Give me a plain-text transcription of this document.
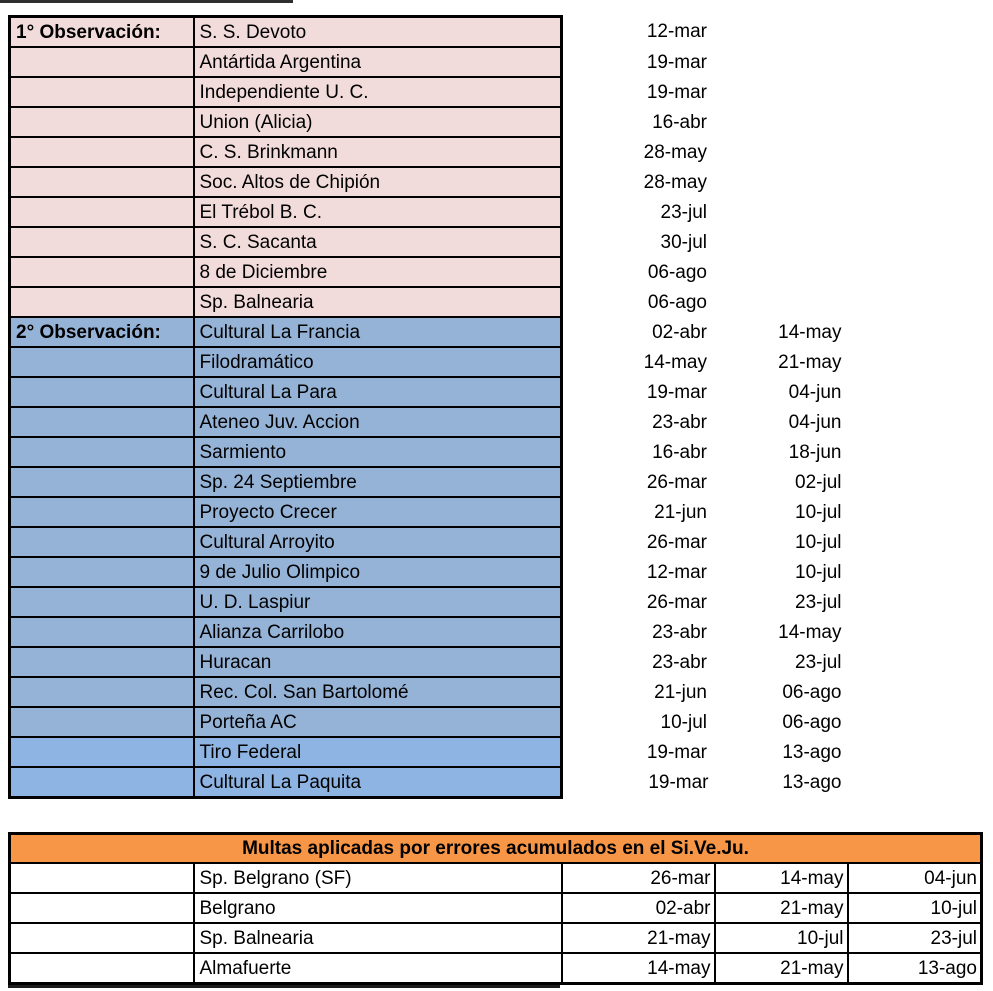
1° Observación:	S. S. Devoto	12-mar	
	Antártida Argentina	19-mar	
	Independiente U. C.	19-mar	
	Union (Alicia)	16-abr	
	C. S. Brinkmann	28-may	
	Soc. Altos de Chipión	28-may	
	El Trébol B. C.	23-jul	
	S. C. Sacanta	30-jul	
	8 de Diciembre	06-ago	
	Sp. Balnearia	06-ago	
2° Observación:	Cultural La Francia	02-abr	14-may
	Filodramático	14-may	21-may
	Cultural La Para	19-mar	04-jun
	Ateneo Juv. Accion	23-abr	04-jun
	Sarmiento	16-abr	18-jun
	Sp. 24 Septiembre	26-mar	02-jul
	Proyecto Crecer	21-jun	10-jul
	Cultural Arroyito	26-mar	10-jul
	9 de Julio Olimpico	12-mar	10-jul
	U. D. Laspiur	26-mar	23-jul
	Alianza Carrilobo	23-abr	14-may
	Huracan	23-abr	23-jul
	Rec. Col. San Bartolomé	21-jun	06-ago
	Porteña AC	10-jul	06-ago
	Tiro Federal	19-mar	13-ago
	Cultural La Paquita	19-mar	13-ago
Multas aplicadas por errores acumulados en el Si.Ve.Ju.				
	Sp. Belgrano (SF)	26-mar	14-may	04-jun
	Belgrano	02-abr	21-may	10-jul
	Sp. Balnearia	21-may	10-jul	23-jul
	Almafuerte	14-may	21-may	13-ago
